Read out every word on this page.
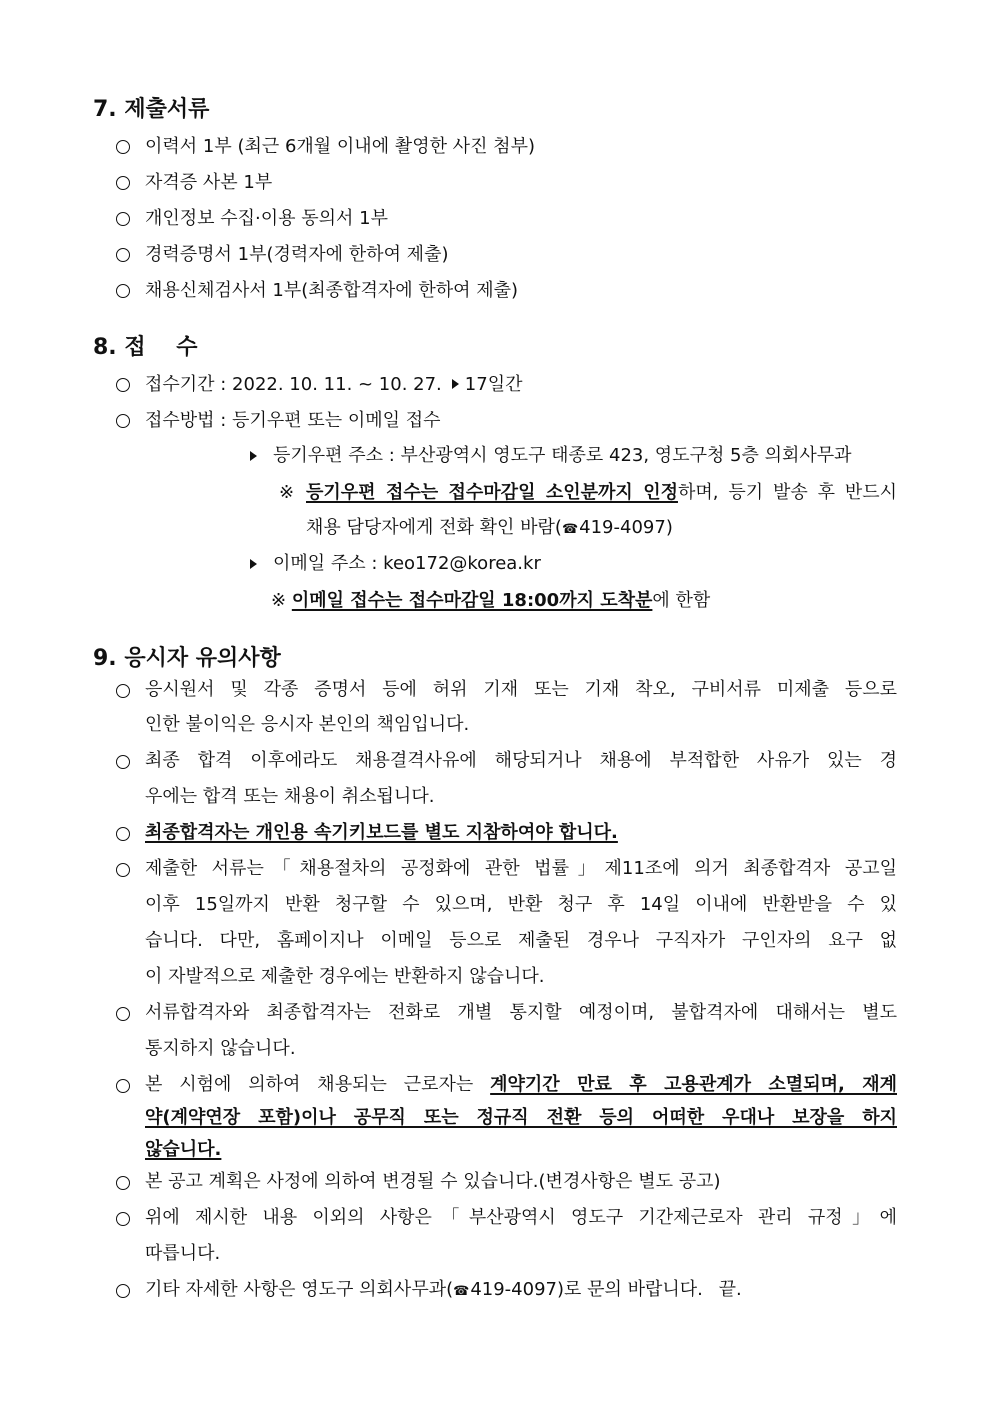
7. 제출서류
이력서 1부 (최근 6개월 이내에 촬영한 사진 첨부)
자격증 사본 1부
개인정보 수집·이용 동의서 1부
경력증명서 1부(경력자에 한하여 제출)
채용신체검사서 1부(최종합격자에 한하여 제출)
8. 접    수
접수기간 : 2022. 10. 11. ~ 10. 27. 17일간
접수방법 : 등기우편 또는 이메일 접수
등기우편 주소 : 부산광역시 영도구 태종로 423, 영도구청 5층 의회사무과
※ 등기우편 접수는 접수마감일 소인분까지 인정하며, 등기 발송 후 반드시
채용 담당자에게 전화 확인 바람(☎419-4097)
이메일 주소 : keo172@korea.kr
※ 이메일 접수는 접수마감일 18:00까지 도착분에 한함
9. 응시자 유의사항
응시원서 및 각종 증명서 등에 허위 기재 또는 기재 착오, 구비서류 미제출 등으로
인한 불이익은 응시자 본인의 책임입니다.
최종 합격 이후에라도 채용결격사유에 해당되거나 채용에 부적합한 사유가 있는 경
우에는 합격 또는 채용이 취소됩니다.
최종합격자는 개인용 속기키보드를 별도 지참하여야 합니다.
제출한 서류는「채용절차의 공정화에 관한 법률」제11조에 의거 최종합격자 공고일
이후 15일까지 반환 청구할 수 있으며, 반환 청구 후 14일 이내에 반환받을 수 있
습니다. 다만, 홈페이지나 이메일 등으로 제출된 경우나 구직자가 구인자의 요구 없
이 자발적으로 제출한 경우에는 반환하지 않습니다.
서류합격자와 최종합격자는 전화로 개별 통지할 예정이며, 불합격자에 대해서는 별도
통지하지 않습니다.
본 시험에 의하여 채용되는 근로자는 계약기간 만료 후 고용관계가 소멸되며, 재계
약(계약연장 포함)이나 공무직 또는 정규직 전환 등의 어떠한 우대나 보장을 하지
않습니다.
본 공고 계획은 사정에 의하여 변경될 수 있습니다.(변경사항은 별도 공고)
위에 제시한 내용 이외의 사항은「부산광역시 영도구 기간제근로자 관리 규정」에
따릅니다.
기타 자세한 사항은 영도구 의회사무과(☎419-4097)로 문의 바랍니다. 끝.
